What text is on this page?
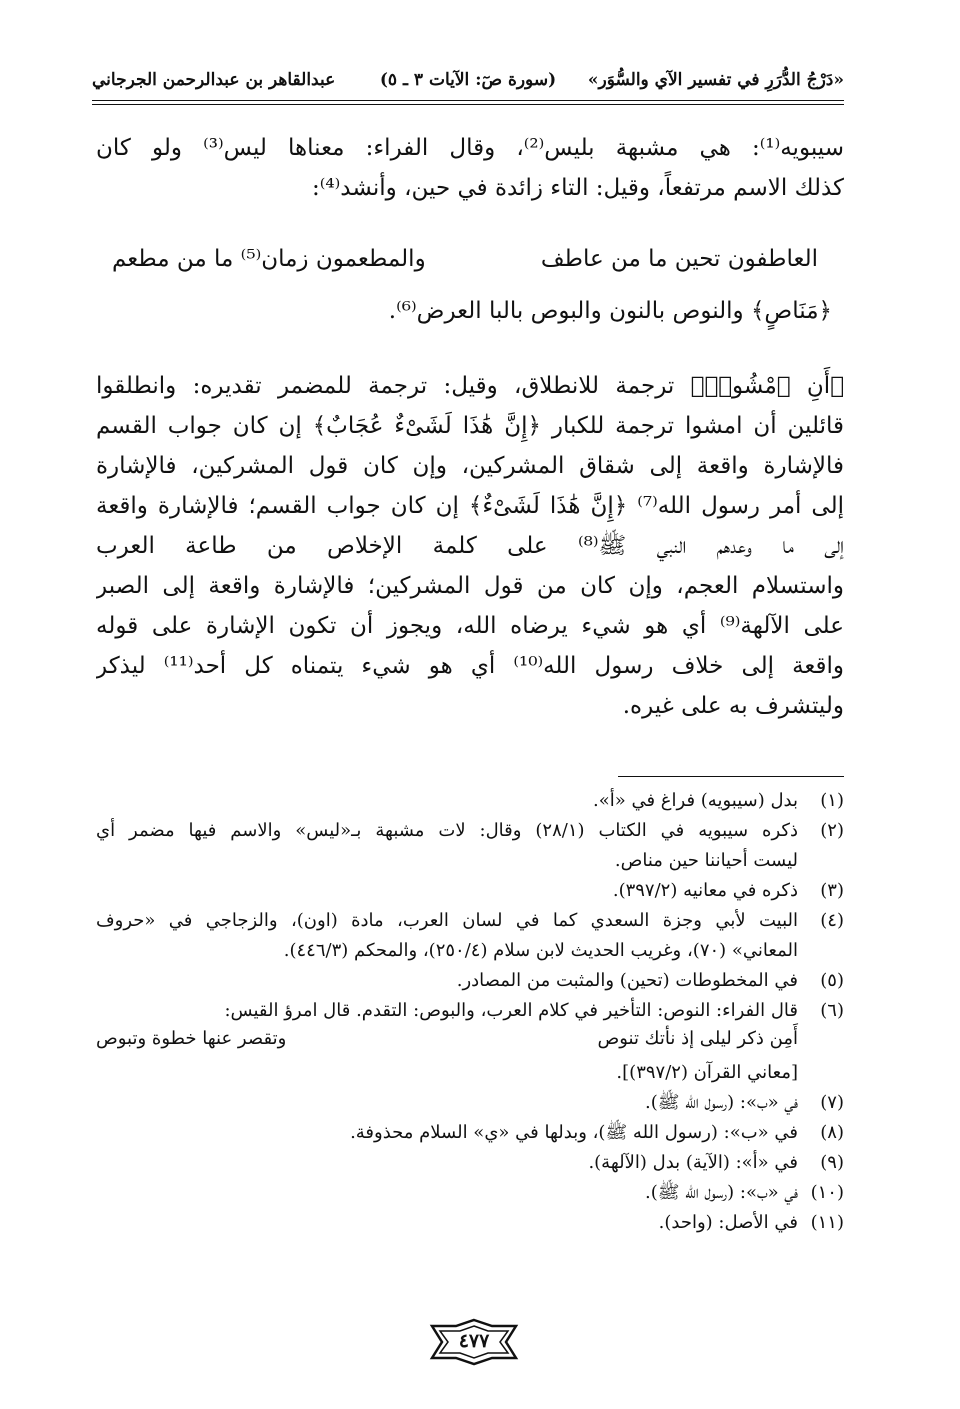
«دَرْجُ الدُّرَرِ في تفسير الآي والسُّوَر»
(سورة صٓ: الآيات ٣ ـ ٥)
عبدالقاهر بن عبدالرحمن الجرجاني
سيبويه⁽¹⁾: هي مشبهة بليس⁽²⁾، وقال الفراء: معناها ليس⁽³⁾ ولو كان
كذلك الاسم مرتفعاً، وقيل: التاء زائدة في حين، وأنشد⁽⁴⁾:
العاطفون تحين ما من عاطف
والمطعمون زمان⁽⁵⁾ ما من مطعم
﴿مَنَاصٍ﴾ والنوص بالنون والبوص بالبا العرض⁽⁶⁾.
﴿أَنِ ٱمْشُوا۟﴾ ترجمة للانطلاق، وقيل: ترجمة للمضمر تقديره: وانطلقوا
قائلين أن امشوا ترجمة للكبار ﴿إِنَّ هَٰذَا لَشَىْءٌ عُجَابٌ﴾ إن كان جواب القسم
فالإشارة واقعة إلى شقاق المشركين، وإن كان قول المشركين، فالإشارة
إلى أمر رسول الله⁽⁷⁾ ﴿إِنَّ هَٰذَا لَشَىْءٌ﴾ إن كان جواب القسم؛ فالإشارة واقعة
إلى ما وعدهم النبي ﷺ⁽⁸⁾ على كلمة الإخلاص من طاعة العرب
واستسلام العجم، وإن كان من قول المشركين؛ فالإشارة واقعة إلى الصبر
على الآلهة⁽⁹⁾ أي هو شيء يرضاه الله، ويجوز أن تكون الإشارة على قوله
واقعة إلى خلاف رسول الله⁽¹⁰⁾ أي هو شيء يتمناه كل أحد⁽¹¹⁾ ليذكر
وليتشرف به على غيره.
(١)
بدل (سيبويه) فراغ في «أ».
(٢)
ذكره سيبويه في الكتاب (٢٨/١) وقال: لات مشبهة بـ«ليس» والاسم فيها مضمر أي
ليست أحياننا حين مناص.
(٣)
ذكره في معانيه (٣٩٧/٢).
(٤)
البيت لأبي وجزة السعدي كما في لسان العرب، مادة (اون)، والزجاجي في «حروف
المعاني» (٧٠)، وغريب الحديث لابن سلام (٢٥٠/٤)، والمحكم (٤٤٦/٣).
(٥)
في المخطوطات (تحين) والمثبت من المصادر.
(٦)
قال الفراء: النوص: التأخير في كلام العرب، والبوص: التقدم. قال امرؤ القيس:
أَمِن ذكر ليلى إذ نأتك تنوص
وتقصر عنها خطوة وتبوص
[معاني القرآن (٣٩٧/٢)].
(٧)
في «ب»: (رسول الله ﷺ).
(٨)
في «ب»: (رسول الله ﷺ)، وبدلها في «ي» السلام محذوفة.
(٩)
في «أ»: (الآية) بدل (الآلهة).
(١٠)
في «ب»: (رسول الله ﷺ).
(١١)
في الأصل: (واحد).
٤٧٧
